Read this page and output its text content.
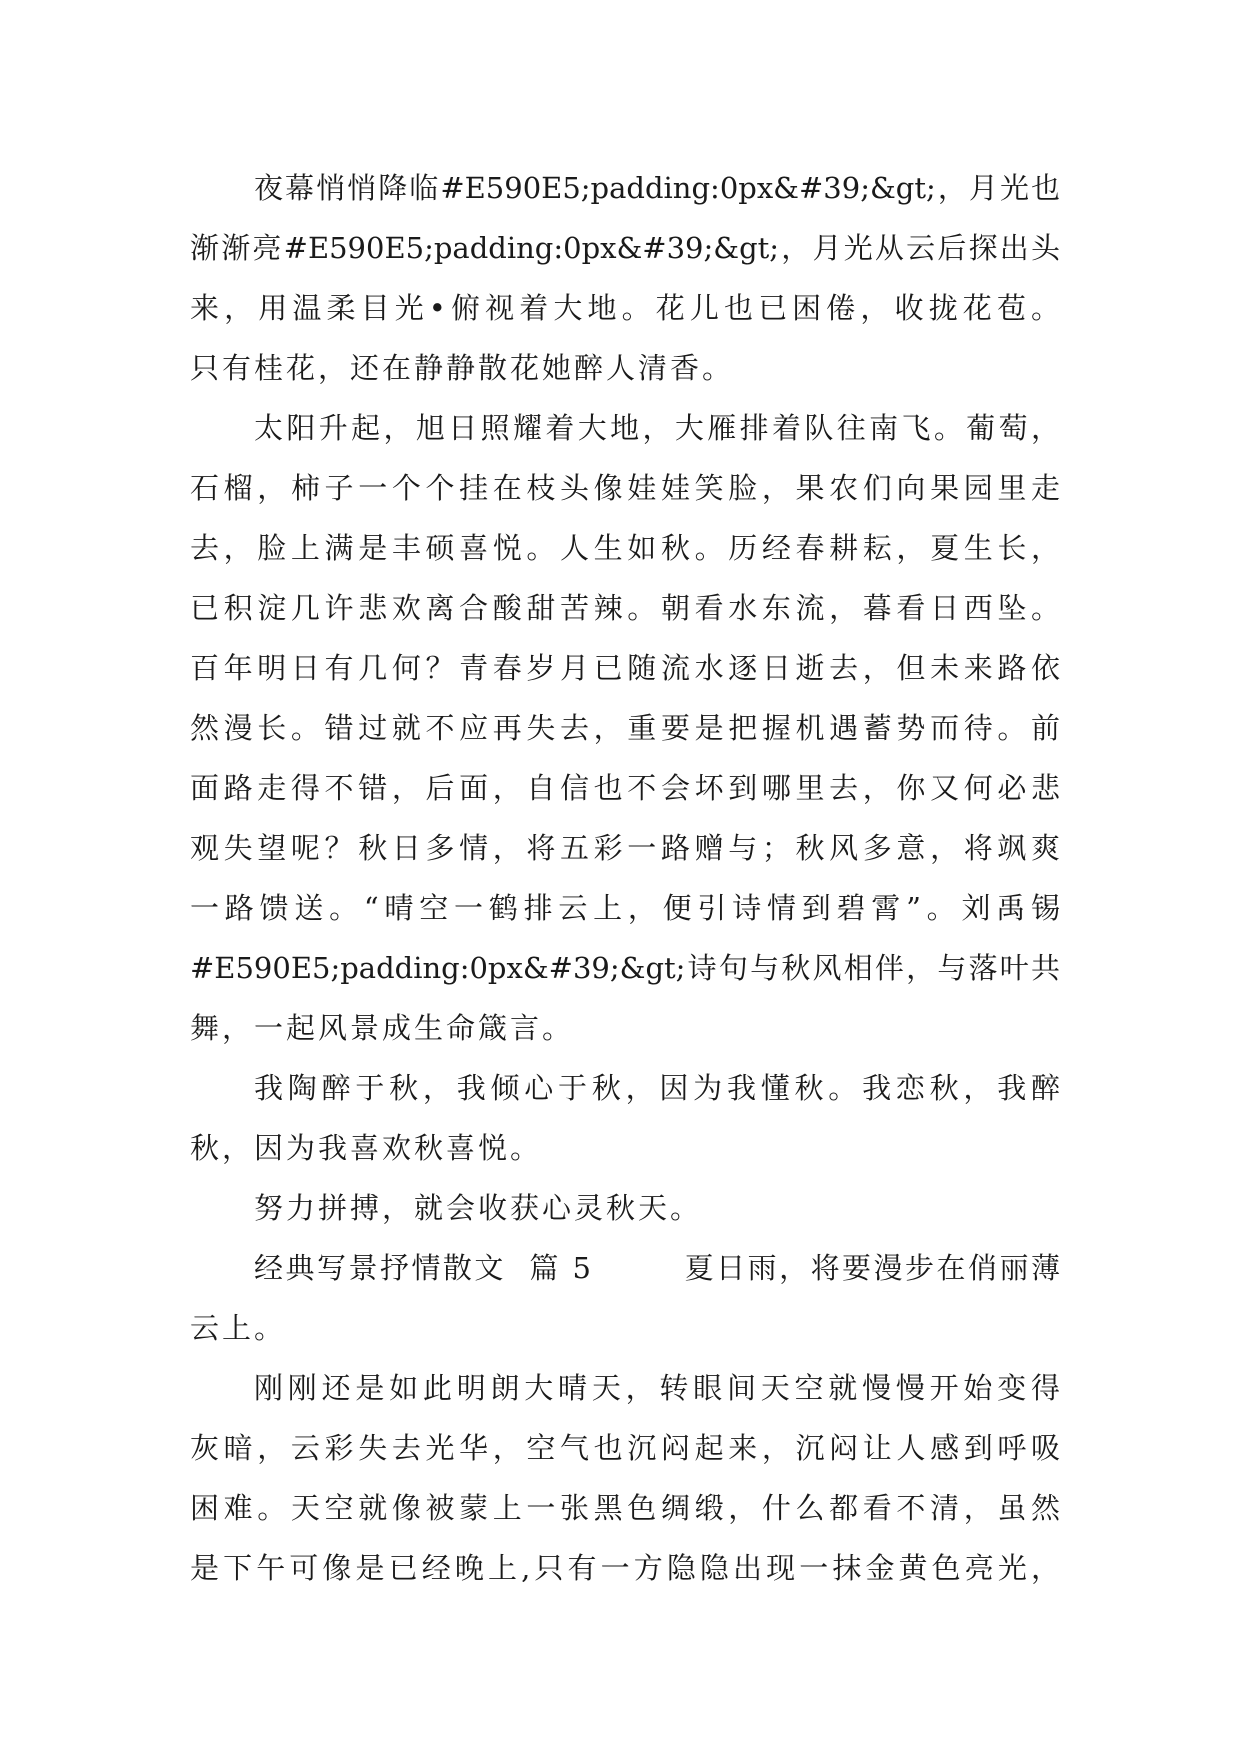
夜幕悄悄降临#E590E5;padding:0px&#39;&gt;，月光也
渐渐亮#E590E5;padding:0px&#39;&gt;，月光从云后探出头
来，用温柔目光•俯视着大地。花儿也已困倦，收拢花苞。
只有桂花，还在静静散花她醉人清香。
太阳升起，旭日照耀着大地，大雁排着队往南飞。葡萄，
石榴，柿子一个个挂在枝头像娃娃笑脸，果农们向果园里走
去，脸上满是丰硕喜悦。人生如秋。历经春耕耘，夏生长，
已积淀几许悲欢离合酸甜苦辣。朝看水东流，暮看日西坠。
百年明日有几何？青春岁月已随流水逐日逝去，但未来路依
然漫长。错过就不应再失去，重要是把握机遇蓄势而待。前
面路走得不错，后面，自信也不会坏到哪里去，你又何必悲
观失望呢？秋日多情，将五彩一路赠与；秋风多意，将飒爽
一路馈送。“晴空一鹤排云上，便引诗情到碧霄”。刘禹锡
#E590E5;padding:0px&#39;&gt;诗句与秋风相伴，与落叶共
舞，一起风景成生命箴言。
我陶醉于秋，我倾心于秋，因为我懂秋。我恋秋，我醉
秋，因为我喜欢秋喜悦。
努力拼搏，就会收获心灵秋天。
经典写景抒情散文  篇 5        夏日雨，将要漫步在俏丽薄
云上。
刚刚还是如此明朗大晴天，转眼间天空就慢慢开始变得
灰暗，云彩失去光华，空气也沉闷起来，沉闷让人感到呼吸
困难。天空就像被蒙上一张黑色绸缎，什么都看不清，虽然
是下午可像是已经晚上,只有一方隐隐出现一抹金黄色亮光，
